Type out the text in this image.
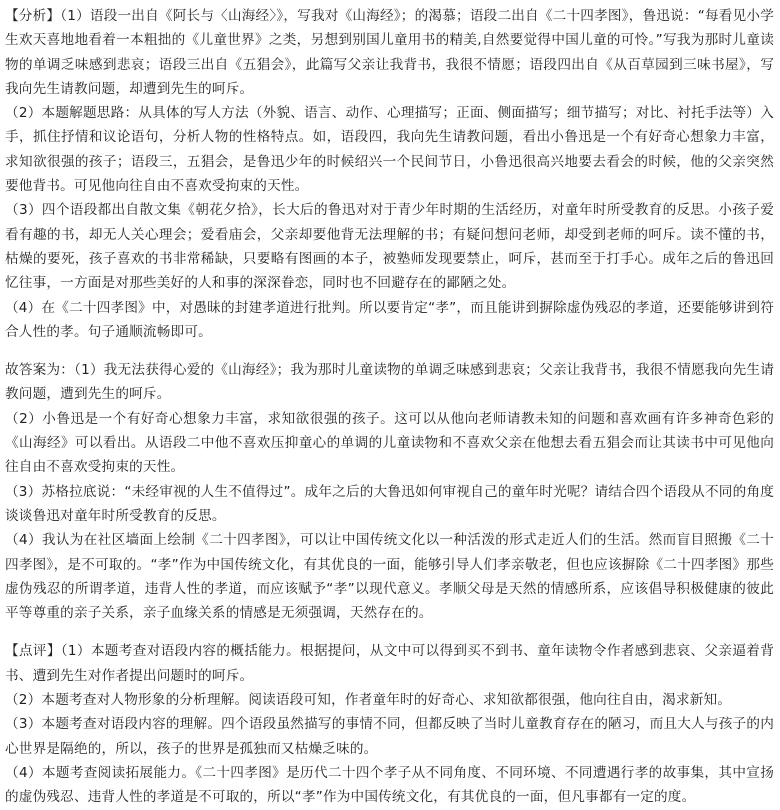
【分析】（1）语段一出自《阿长与〈山海经〉》，写我对《山海经》；的渴慕；语段二出自《二十四孝图》，鲁迅说：“每看见小学生欢天喜地地看着一本粗拙的《儿童世界》之类，另想到别国儿童用书的精美,自然要觉得中国儿童的可怜。”写我为那时儿童读物的单调乏味感到悲哀；语段三出自《五猖会》，此篇写父亲让我背书，我很不情愿；语段四出自《从百草园到三味书屋》，写我向先生请教问题，却遭到先生的呵斥。

（2）本题解题思路：从具体的写人方法（外貌、语言、动作、心理描写；正面、侧面描写；细节描写；对比、衬托手法等）入手，抓住抒情和议论语句，分析人物的性格特点。如，语段四，我向先生请教问题，看出小鲁迅是一个有好奇心想象力丰富，求知欲很强的孩子；语段三，五猖会，是鲁迅少年的时候绍兴一个民间节日，小鲁迅很高兴地要去看会的时候，他的父亲突然要他背书。可见他向往自由不喜欢受拘束的天性。

（3）四个语段都出自散文集《朝花夕拾》，长大后的鲁迅对对于青少年时期的生活经历，对童年时所受教育的反思。小孩子爱看有趣的书，却无人关心理会；爱看庙会，父亲却要他背无法理解的书；有疑问想问老师，却受到老师的呵斥。读不懂的书，枯燥的要死，孩子喜欢的书非常稀缺，只要略有图画的本子，被塾师发现要禁止，呵斥，甚而至于打手心。成年之后的鲁迅回忆往事，一方面是对那些美好的人和事的深深眷恋，同时也不回避存在的鄙陋之处。

（4）在《二十四孝图》中，对愚昧的封建孝道进行批判。所以要肯定“孝”，而且能讲到摒除虚伪残忍的孝道，还要能够讲到符合人性的孝。句子通顺流畅即可。

故答案为：（1）我无法获得心爱的《山海经》；我为那时儿童读物的单调乏味感到悲哀；父亲让我背书，我很不情愿我向先生请教问题，遭到先生的呵斥。

（2）小鲁迅是一个有好奇心想象力丰富，求知欲很强的孩子。这可以从他向老师请教未知的问题和喜欢画有许多神奇色彩的《山海经》可以看出。从语段二中他不喜欢压抑童心的单调的儿童读物和不喜欢父亲在他想去看五猖会而让其读书中可见他向往自由不喜欢受拘束的天性。

（3）苏格拉底说：“未经审视的人生不值得过”。成年之后的大鲁迅如何审视自己的童年时光呢？请结合四个语段从不同的角度谈谈鲁迅对童年时所受教育的反思。

（4）我认为在社区墙面上绘制《二十四孝图》，可以让中国传统文化以一种活泼的形式走近人们的生活。然而盲目照搬《二十四孝图》，是不可取的。“孝”作为中国传统文化，有其优良的一面，能够引导人们孝亲敬老，但也应该摒除《二十四孝图》那些虚伪残忍的所谓孝道，违背人性的孝道，而应该赋予“孝”以现代意义。孝顺父母是天然的情感所系，应该倡导积极健康的彼此平等尊重的亲子关系，亲子血缘关系的情感是无须强调，天然存在的。

【点评】（1）本题考查对语段内容的概括能力。根据提问，从文中可以得到买不到书、童年读物令作者感到悲哀、父亲逼着背书、遭到先生对作者提出问题时的呵斥。

（2）本题考查对人物形象的分析理解。阅读语段可知，作者童年时的好奇心、求知欲都很强，他向往自由，渴求新知。

（3）本题考查对语段内容的理解。四个语段虽然描写的事情不同，但都反映了当时儿童教育存在的陋习，而且大人与孩子的内心世界是隔绝的，所以，孩子的世界是孤独而又枯燥乏味的。

（4）本题考查阅读拓展能力。《二十四孝图》是历代二十四个孝子从不同角度、不同环境、不同遭遇行孝的故事集，其中宣扬的虚伪残忍、违背人性的孝道是不可取的，所以“孝”作为中国传统文化，有其优良的一面，但凡事都有一定的度。
